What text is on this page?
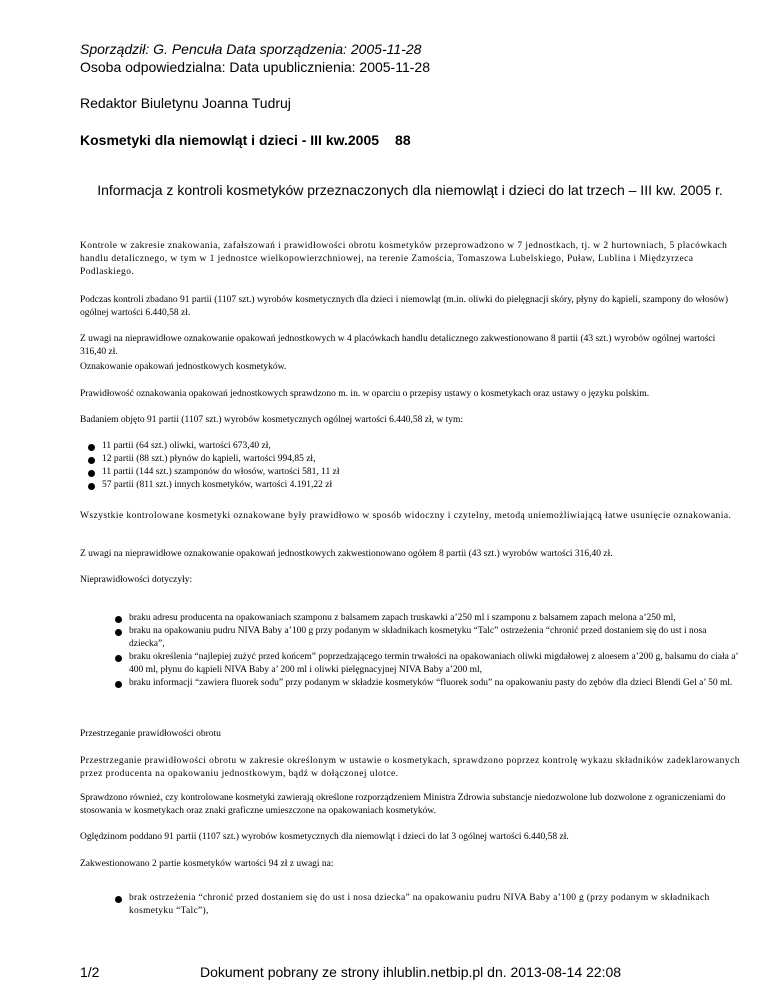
Sporządził: G. Pencuła Data sporządzenia: 2005-11-28
Osoba odpowiedzialna: Data upublicznienia: 2005-11-28
Redaktor Biuletynu Joanna Tudruj
Kosmetyki dla niemowląt i dzieci - III kw.2005 88
Informacja z kontroli kosmetyków przeznaczonych dla niemowląt i dzieci do lat trzech – III kw. 2005 r.
Kontrole w zakresie znakowania, zafałszowań i prawidłowości obrotu kosmetyków przeprowadzono w 7 jednostkach, tj. w 2 hurtowniach, 5 placówkach handlu detalicznego, w tym w 1 jednostce wielkopowierzchniowej, na terenie Zamościa, Tomaszowa Lubelskiego, Puław, Lublina i Międzyrzeca Podlaskiego.
Podczas kontroli zbadano 91 partii (1107 szt.) wyrobów kosmetycznych dla dzieci i niemowląt (m.in. oliwki do pielęgnacji skóry, płyny do kąpieli, szampony do włosów) ogólnej wartości 6.440,58 zł.
Z uwagi na nieprawidłowe oznakowanie opakowań jednostkowych w 4 placówkach handlu detalicznego zakwestionowano 8 partii (43 szt.) wyrobów ogólnej wartości 316,40 zł.
Oznakowanie opakowań jednostkowych kosmetyków.
Prawidłowość oznakowania opakowań jednostkowych sprawdzono m. in. w oparciu o przepisy ustawy o kosmetykach oraz ustawy o języku polskim.
Badaniem objęto 91 partii (1107 szt.) wyrobów kosmetycznych ogólnej wartości 6.440,58 zł, w tym:
11 partii (64 szt.) oliwki, wartości 673,40 zł,
12 partii (88 szt.) płynów do kąpieli, wartości 994,85 zł,
11 partii (144 szt.) szamponów do włosów, wartości 581, 11 zł
57 partii (811 szt.) innych kosmetyków, wartości 4.191,22 zł
Wszystkie kontrolowane kosmetyki oznakowane były prawidłowo w sposób widoczny i czytelny, metodą uniemożliwiającą łatwe usunięcie oznakowania.
Z uwagi na nieprawidłowe oznakowanie opakowań jednostkowych zakwestionowano ogółem 8 partii (43 szt.) wyrobów wartości 316,40 zł.
Nieprawidłowości dotyczyły:
braku adresu producenta na opakowaniach szamponu z balsamem zapach truskawki a’250 ml i szamponu z balsamem zapach melona a’250 ml,
braku na opakowaniu pudru NIVA Baby a’100 g przy podanym w składnikach kosmetyku “Talc” ostrzeżenia “chronić przed dostaniem się do ust i nosa dziecka”,
braku określenia “najlepiej zużyć przed końcem” poprzedzającego termin trwałości na opakowaniach oliwki migdałowej z aloesem a’200 g, balsamu do ciała a’ 400 ml, płynu do kąpieli NIVA Baby a’ 200 ml i oliwki pielęgnacyjnej NIVA Baby a’200 ml,
braku informacji “zawiera fluorek sodu” przy podanym w składzie kosmetyków “fluorek sodu” na opakowaniu pasty do zębów dla dzieci Blendi Gel a’ 50 ml.
Przestrzeganie prawidłowości obrotu
Przestrzeganie prawidłowości obrotu w zakresie określonym w ustawie o kosmetykach, sprawdzono poprzez kontrolę wykazu składników zadeklarowanych przez producenta na opakowaniu jednostkowym, bądź w dołączonej ulotce.
Sprawdzono również, czy kontrolowane kosmetyki zawierają określone rozporządzeniem Ministra Zdrowia substancje niedozwolone lub dozwolone z ograniczeniami do stosowania w kosmetykach oraz znaki graficzne umieszczone na opakowaniach kosmetyków.
Oględzinom poddano 91 partii (1107 szt.) wyrobów kosmetycznych dla niemowląt i dzieci do lat 3 ogólnej wartości 6.440,58 zł.
Zakwestionowano 2 partie kosmetyków wartości 94 zł z uwagi na:
brak ostrzeżenia “chronić przed dostaniem się do ust i nosa dziecka” na opakowaniu pudru NIVA Baby a’100 g (przy podanym w składnikach kosmetyku “Talc”),
1/2	Dokument pobrany ze strony ihlublin.netbip.pl dn. 2013-08-14 22:08
